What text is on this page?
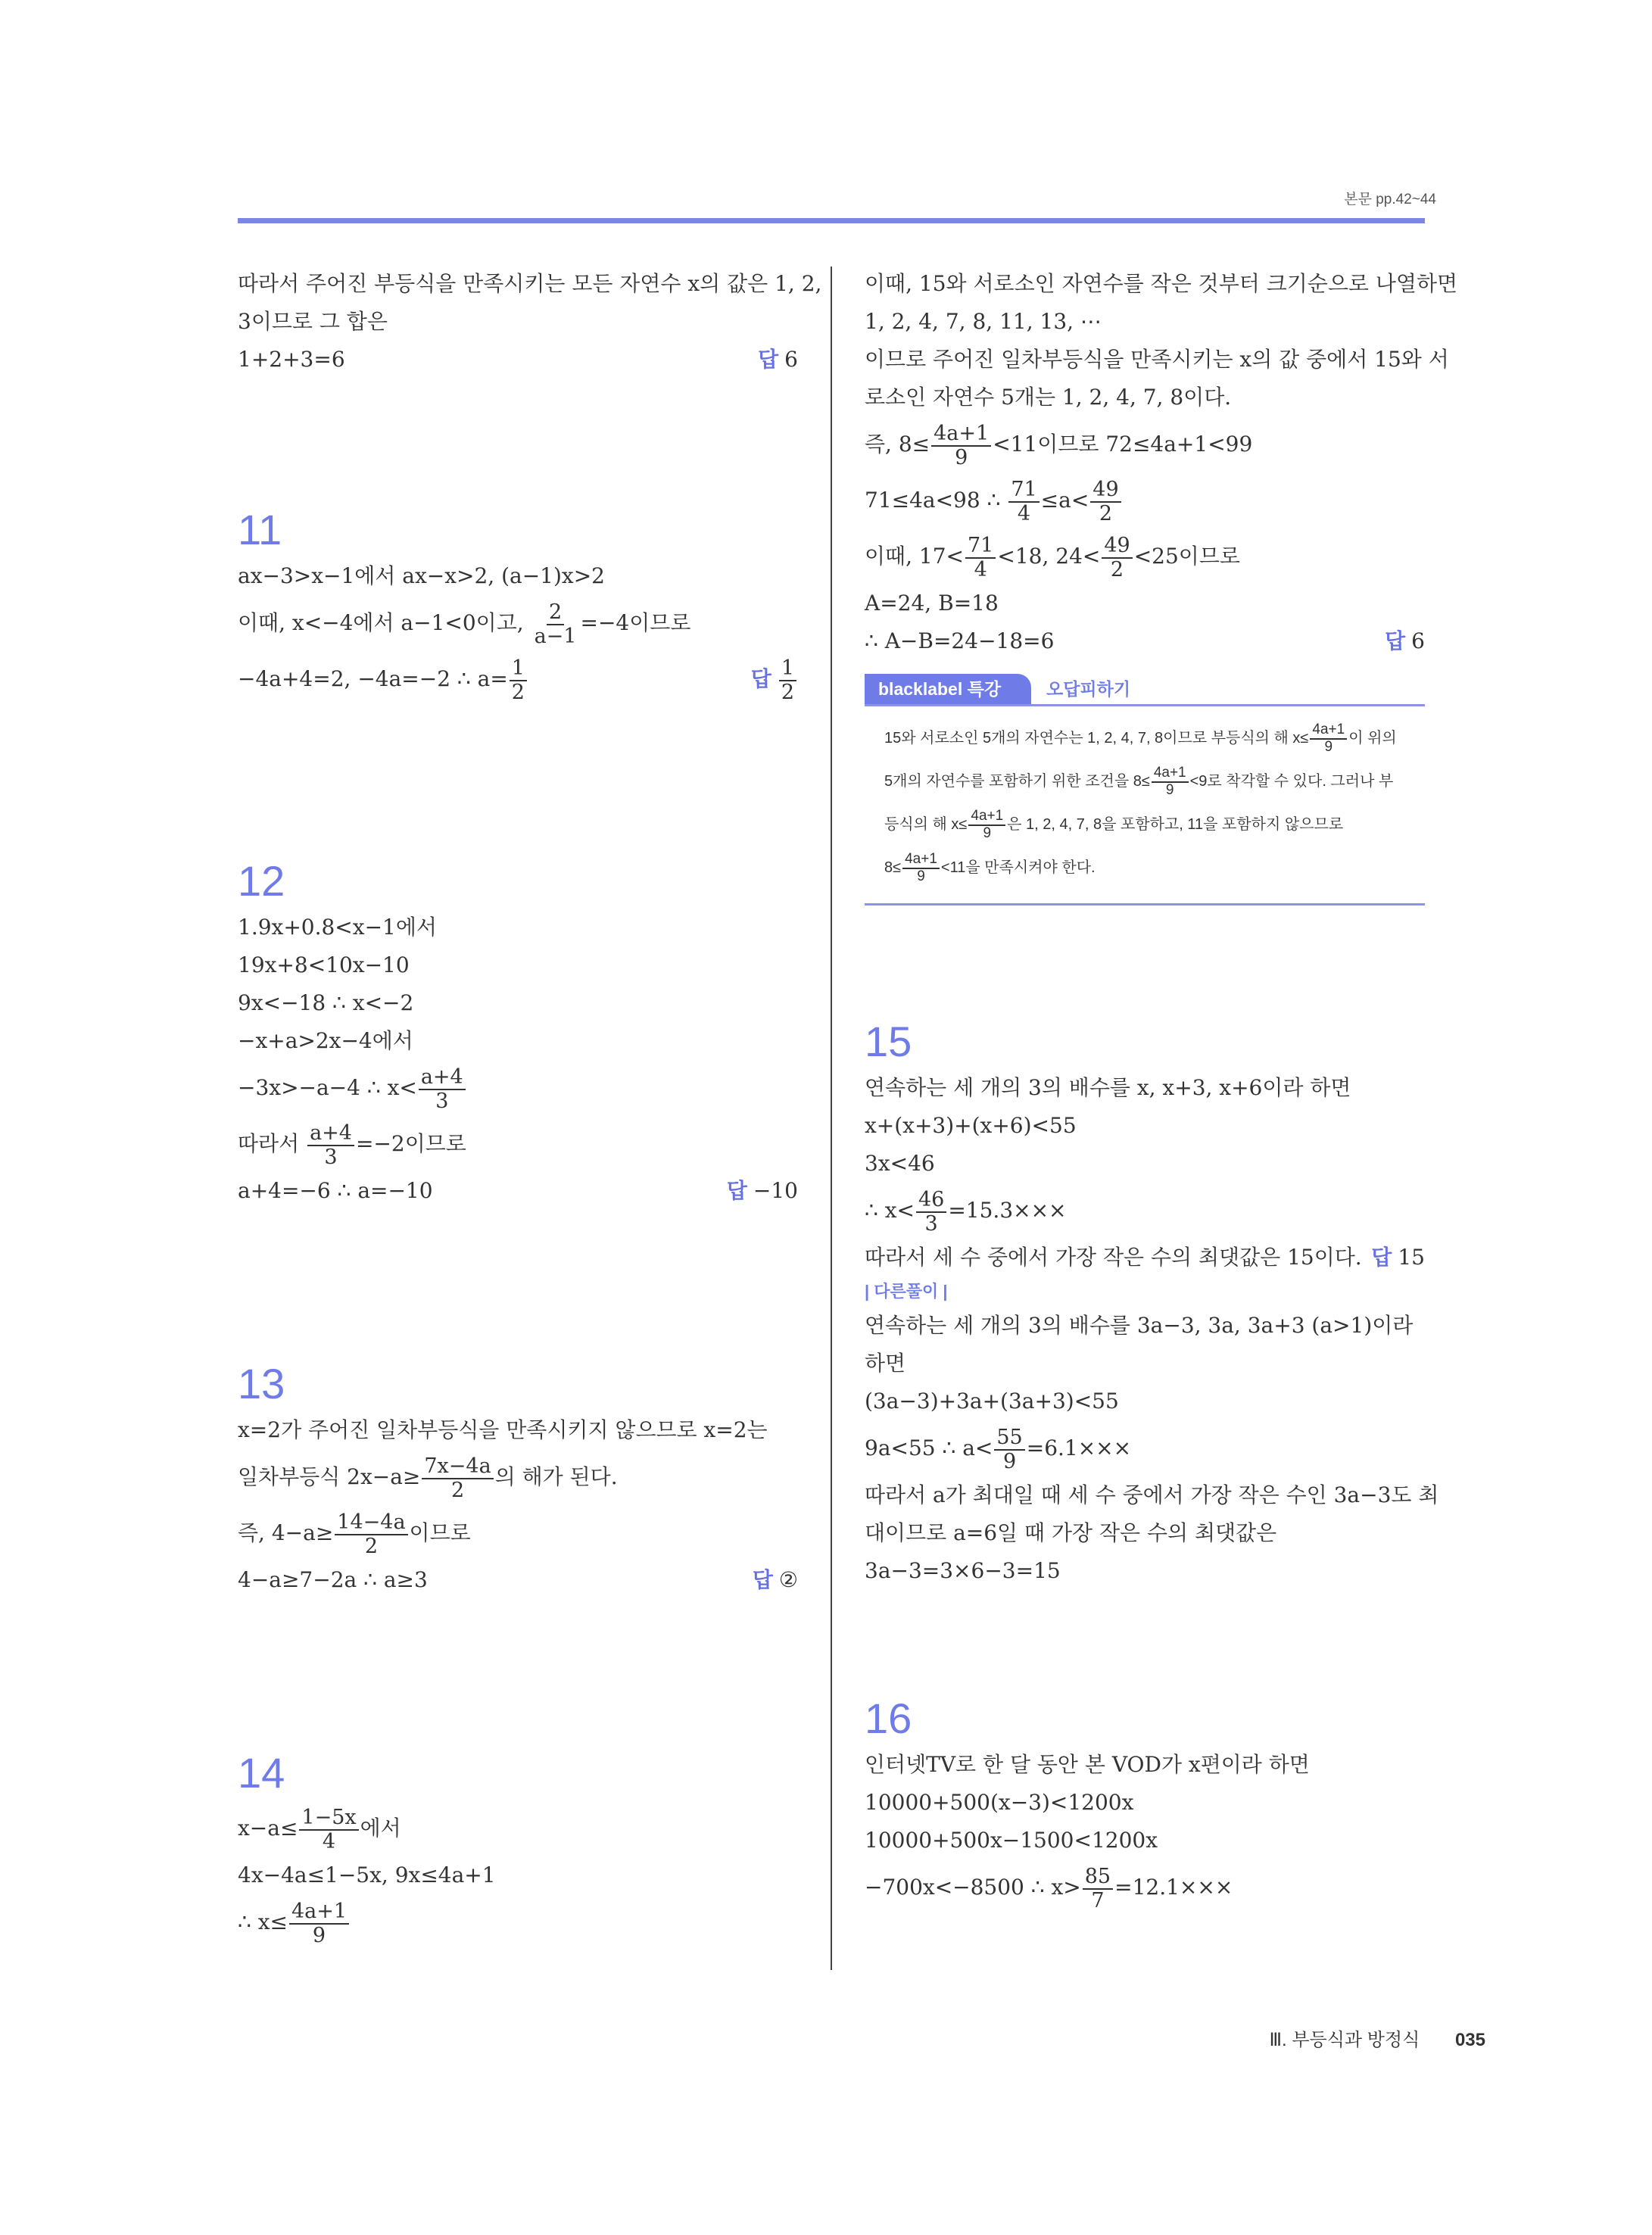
본문 pp.42~44
따라서 주어진 부등식을 만족시키는 모든 자연수 x의 값은 1, 2,
3이므로 그 합은
1+2+3=6	답 6
11
ax−3>x−1에서 ax−x>2, (a−1)x>2
이때, x<−4에서 a−1<0이고, $\frac{2}{a-1} =-4$이므로
−4a+4=2, −4a=−2 ∴ $a= \frac{1}{2}$	답 $\frac{1}{2}$
12
1.9x+0.8<x−1에서
19x+8<10x−10
9x<−18 ∴ x<−2
−x+a>2x−4에서
−3x>−a−4 ∴ $x< \frac{a+4}{3}$
따라서 $\frac{a+4}{3} =-2$이므로
a+4=−6 ∴ a=−10	답 −10
13
x=2가 주어진 일차부등식을 만족시키지 않으므로 x=2는
일차부등식 $2x-a\ge \frac{7x-4a}{2}$ 의 해가 된다.
즉, $4-a\ge \frac{14-4a}{2}$ 이므로
4−a≥7−2a ∴ a≥3	답 ②
14
$x-a\le \frac{1-5x}{4}$ 에서
4x−4a≤1−5x, 9x≤4a+1
∴ $x\le \frac{4a+1}{9}$
이때, 15와 서로소인 자연수를 작은 것부터 크기순으로 나열하면
1, 2, 4, 7, 8, 11, 13, ⋯
이므로 주어진 일차부등식을 만족시키는 x의 값 중에서 15와 서
로소인 자연수 5개는 1, 2, 4, 7, 8이다.
즉, $8\le \frac{4a+1}{9} <11$이므로 72≤4a+1<99
71≤4a<98 ∴ $\frac{71}{4} \le a< \frac{49}{2}$
이때, $17< \frac{71}{4} <18$, $24< \frac{49}{2} <25$이므로
A=24, B=18
∴ A−B=24−18=6	답 6
blacklabel 특강	오답피하기
15와 서로소인 5개의 자연수는 1, 2, 4, 7, 8이므로 부등식의 해 $x\le \frac{4a+1}{9}$ 이 위의
5개의 자연수를 포함하기 위한 조건을 $8\le \frac{4a+1}{9} <9$로 착각할 수 있다. 그러나 부
등식의 해 $x\le \frac{4a+1}{9}$ 은 1, 2, 4, 7, 8을 포함하고, 11을 포함하지 않으므로
$8\le \frac{4a+1}{9} <11$을 만족시켜야 한다.
15
연속하는 세 개의 3의 배수를 x, x+3, x+6이라 하면
x+(x+3)+(x+6)<55
3x<46
∴ $x< \frac{46}{3} =15.3\times\times\times$
따라서 세 수 중에서 가장 작은 수의 최댓값은 15이다. 답 15
| 다른풀이 |
연속하는 세 개의 3의 배수를 3a−3, 3a, 3a+3 (a>1)이라
하면
(3a−3)+3a+(3a+3)<55
9a<55 ∴ $a< \frac{55}{9} =6.1\times\times\times$
따라서 a가 최대일 때 세 수 중에서 가장 작은 수인 3a−3도 최
대이므로 a=6일 때 가장 작은 수의 최댓값은
3a−3=3×6−3=15
16
인터넷TV로 한 달 동안 본 VOD가 x편이라 하면
10000+500(x−3)<1200x
10000+500x−1500<1200x
−700x<−8500 ∴ $x> \frac{85}{7} =12.1\times\times\times$
Ⅲ. 부등식과 방정식 035
